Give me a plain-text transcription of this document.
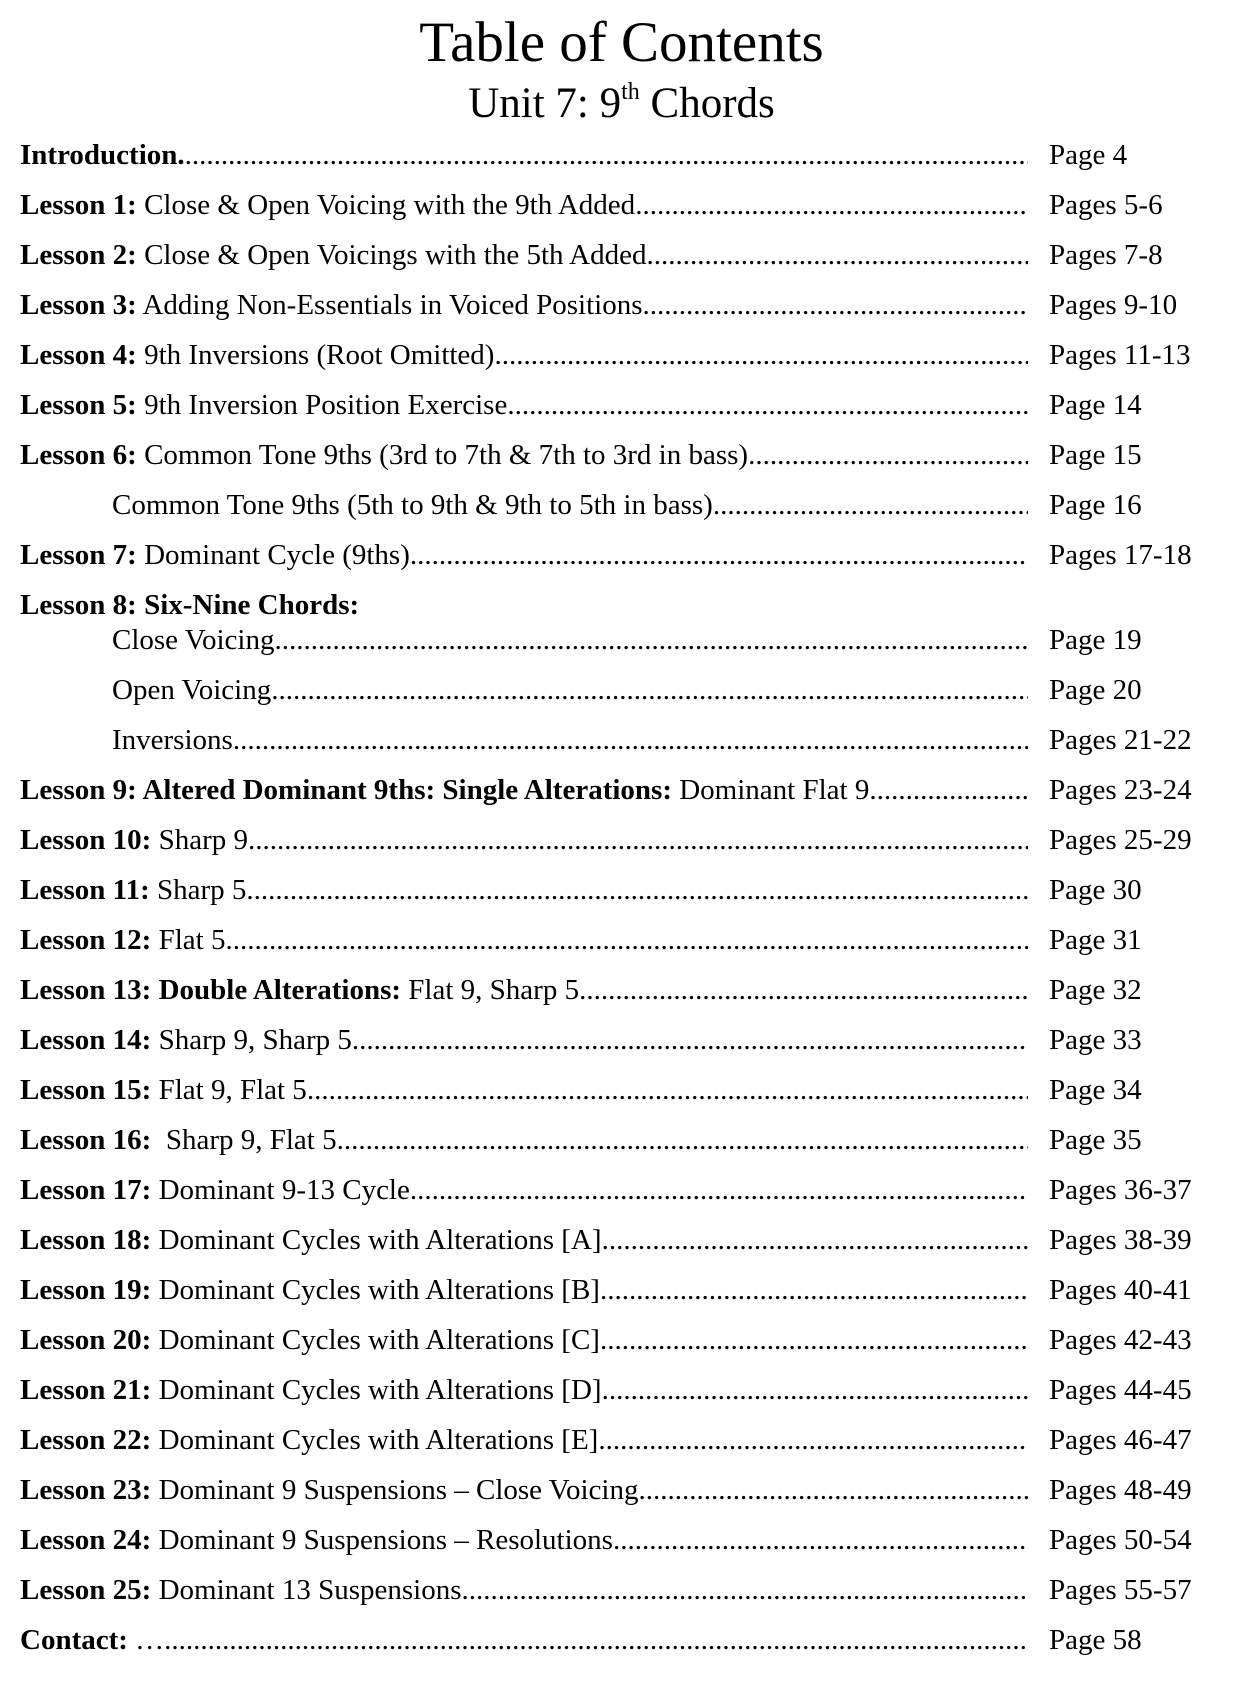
Table of Contents
Unit 7: 9th Chords
Introduction. .....	Page 4
Lesson 1: Close & Open Voicing with the 9th Added .....	Pages 5-6
Lesson 2: Close & Open Voicings with the 5th Added .....	Pages 7-8
Lesson 3: Adding Non-Essentials in Voiced Positions .....	Pages 9-10
Lesson 4: 9th Inversions (Root Omitted) .....	Pages 11-13
Lesson 5: 9th Inversion Position Exercise .....	Page 14
Lesson 6: Common Tone 9ths (3rd to 7th & 7th to 3rd in bass) .....	Page 15
Common Tone 9ths (5th to 9th & 9th to 5th in bass) .....	Page 16
Lesson 7: Dominant Cycle (9ths) .....	Pages 17-18
Lesson 8: Six-Nine Chords:
Close Voicing .....	Page 19
Open Voicing .....	Page 20
Inversions .....	Pages 21-22
Lesson 9: Altered Dominant 9ths: Single Alterations: Dominant Flat 9 .....	Pages 23-24
Lesson 10: Sharp 9 .....	Pages 25-29
Lesson 11: Sharp 5 .....	Page 30
Lesson 12: Flat 5 .....	Page 31
Lesson 13: Double Alterations: Flat 9, Sharp 5 .....	Page 32
Lesson 14: Sharp 9, Sharp 5 .....	Page 33
Lesson 15: Flat 9, Flat 5 .....	Page 34
Lesson 16:  Sharp 9, Flat 5 .....	Page 35
Lesson 17: Dominant 9-13 Cycle .....	Pages 36-37
Lesson 18: Dominant Cycles with Alterations [A] .....	Pages 38-39
Lesson 19: Dominant Cycles with Alterations [B] .....	Pages 40-41
Lesson 20: Dominant Cycles with Alterations [C] .....	Pages 42-43
Lesson 21: Dominant Cycles with Alterations [D] .....	Pages 44-45
Lesson 22: Dominant Cycles with Alterations [E] .....	Pages 46-47
Lesson 23: Dominant 9 Suspensions – Close Voicing .....	Pages 48-49
Lesson 24: Dominant 9 Suspensions – Resolutions .....	Pages 50-54
Lesson 25: Dominant 13 Suspensions .....	Pages 55-57
Contact: … .....	Page 58
